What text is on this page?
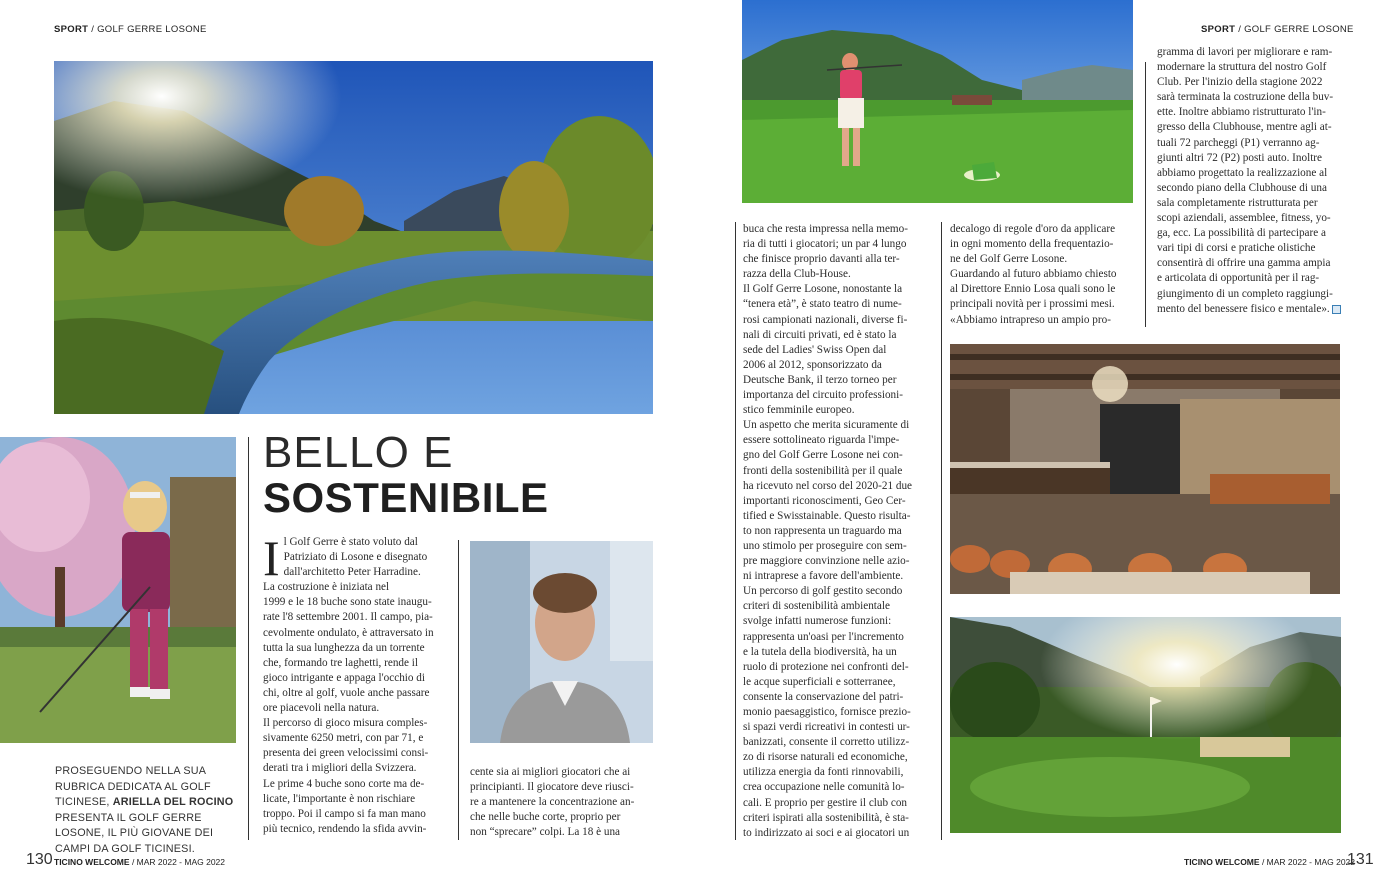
SPORT / GOLF GERRE LOSONE
PROSEGUENDO NELLA SUA RUBRICA DEDICATA AL GOLF TICINESE, ARIELLA DEL ROCINO PRESENTA IL GOLF GERRE LOSONE, IL PIÙ GIOVANE DEI CAMPI DA GOLF TICINESI.
BELLO E
SOSTENIBILE
I l Golf Gerre è stato voluto dal
Patriziato di Losone e disegnato
dall'architetto Peter Harradine.
La costruzione è iniziata nel
1999 e le 18 buche sono state inaugu-
rate l'8 settembre 2001. Il campo, pia-
cevolmente ondulato, è attraversato in
tutta la sua lunghezza da un torrente
che, formando tre laghetti, rende il
gioco intrigante e appaga l'occhio di
chi, oltre al golf, vuole anche passare
ore piacevoli nella natura.
Il percorso di gioco misura comples-
sivamente 6250 metri, con par 71, e
presenta dei green velocissimi consi-
derati tra i migliori della Svizzera.
Le prime 4 buche sono corte ma de-
licate, l'importante è non rischiare
troppo. Poi il campo si fa man mano
più tecnico, rendendo la sfida avvin-
cente sia ai migliori giocatori che ai
principianti. Il giocatore deve riusci-
re a mantenere la concentrazione an-
che nelle buche corte, proprio per
non “sprecare” colpi. La 18 è una
130 TICINO WELCOME / MAR 2022 - MAG 2022
SPORT / GOLF GERRE LOSONE
buca che resta impressa nella memo-
ria di tutti i giocatori; un par 4 lungo
che finisce proprio davanti alla ter-
razza della Club-House.
Il Golf Gerre Losone, nonostante la
“tenera età”, è stato teatro di nume-
rosi campionati nazionali, diverse fi-
nali di circuiti privati, ed è stato la
sede del Ladies' Swiss Open dal
2006 al 2012, sponsorizzato da
Deutsche Bank, il terzo torneo per
importanza del circuito professioni-
stico femminile europeo.
Un aspetto che merita sicuramente di
essere sottolineato riguarda l'impe-
gno del Golf Gerre Losone nei con-
fronti della sostenibilità per il quale
ha ricevuto nel corso del 2020-21 due
importanti riconoscimenti, Geo Cer-
tified e Swisstainable. Questo risulta-
to non rappresenta un traguardo ma
uno stimolo per proseguire con sem-
pre maggiore convinzione nelle azio-
ni intraprese a favore dell'ambiente.
Un percorso di golf gestito secondo
criteri di sostenibilità ambientale
svolge infatti numerose funzioni:
rappresenta un'oasi per l'incremento
e la tutela della biodiversità, ha un
ruolo di protezione nei confronti del-
le acque superficiali e sotterranee,
consente la conservazione del patri-
monio paesaggistico, fornisce prezio-
si spazi verdi ricreativi in contesti ur-
banizzati, consente il corretto utilizz-
zo di risorse naturali ed economiche,
utilizza energia da fonti rinnovabili,
crea occupazione nelle comunità lo-
cali. E proprio per gestire il club con
criteri ispirati alla sostenibilità, è sta-
to indirizzato ai soci e ai giocatori un
decalogo di regole d'oro da applicare
in ogni momento della frequentazio-
ne del Golf Gerre Losone.
Guardando al futuro abbiamo chiesto
al Direttore Ennio Losa quali sono le
principali novità per i prossimi mesi.
«Abbiamo intrapreso un ampio pro-
gramma di lavori per migliorare e ram-
modernare la struttura del nostro Golf
Club. Per l'inizio della stagione 2022
sarà terminata la costruzione della buv-
ette. Inoltre abbiamo ristrutturato l'in-
gresso della Clubhouse, mentre agli at-
tuali 72 parcheggi (P1) verranno ag-
giunti altri 72 (P2) posti auto. Inoltre
abbiamo progettato la realizzazione al
secondo piano della Clubhouse di una
sala completamente ristrutturata per
scopi aziendali, assemblee, fitness, yo-
ga, ecc. La possibilità di partecipare a
vari tipi di corsi e pratiche olistiche
consentirà di offrire una gamma ampia
e articolata di opportunità per il rag-
giungimento di un completo raggiungi-
mento del benessere fisico e mentale».
TICINO WELCOME / MAR 2022 - MAG 2022
131
